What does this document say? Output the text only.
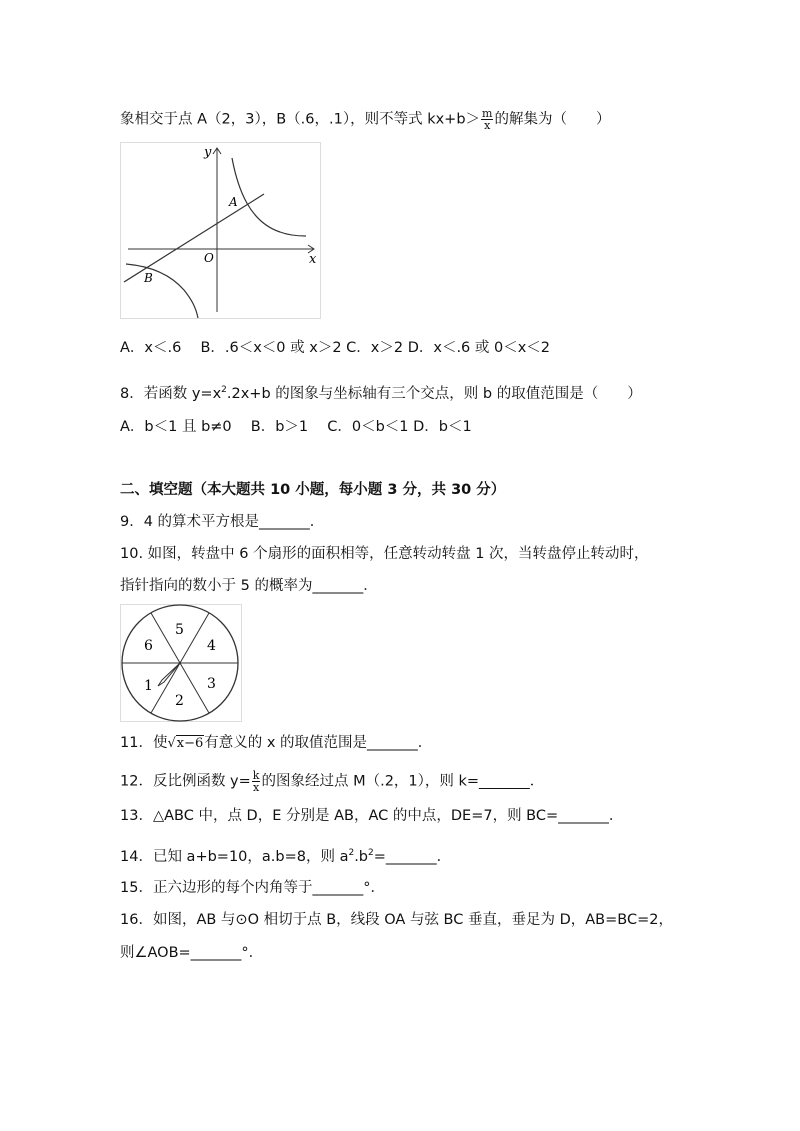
象相交于点 A（2，3），B（.6，.1），则不等式 $kx+b> \frac{m}{x}$ 的解集为（　　）
y
x
O
A
B
A．x＜.6　 B．.6＜x＜0 或 x＞2 C．x＞2 D．x＜.6 或 0＜x＜2
8．若函数 $y=x^2.2x+b$ 的图象与坐标轴有三个交点，则 b 的取值范围是（　　）
A．b＜1 且 b≠0　 B．b＞1　 C．0＜b＜1 D．b＜1
二、填空题（本大题共 10 小题，每小题 3 分，共 30 分）
9．4 的算术平方根是_______．
10. 如图，转盘中 6 个扇形的面积相等，任意转动转盘 1 次，当转盘停止转动时，
指针指向的数小于 5 的概率为_______．
5
4
3
2
1
6
11．使√x−6有意义的 x 的取值范围是_______．
12．反比例函数 $y= \frac{k}{x}$ 的图象经过点 M（.2，1），则 k=_______．
13．△ABC 中，点 D，E 分别是 AB，AC 的中点，DE=7，则 BC=_______．
14．已知 a+b=10，a.b=8，则 $a^2.b^2=\_\_\_\_\_\_\_$．
15．正六边形的每个内角等于_______°．
16．如图，AB 与⊙O 相切于点 B，线段 OA 与弦 BC 垂直，垂足为 D，AB=BC=2，
则∠AOB=_______°．
